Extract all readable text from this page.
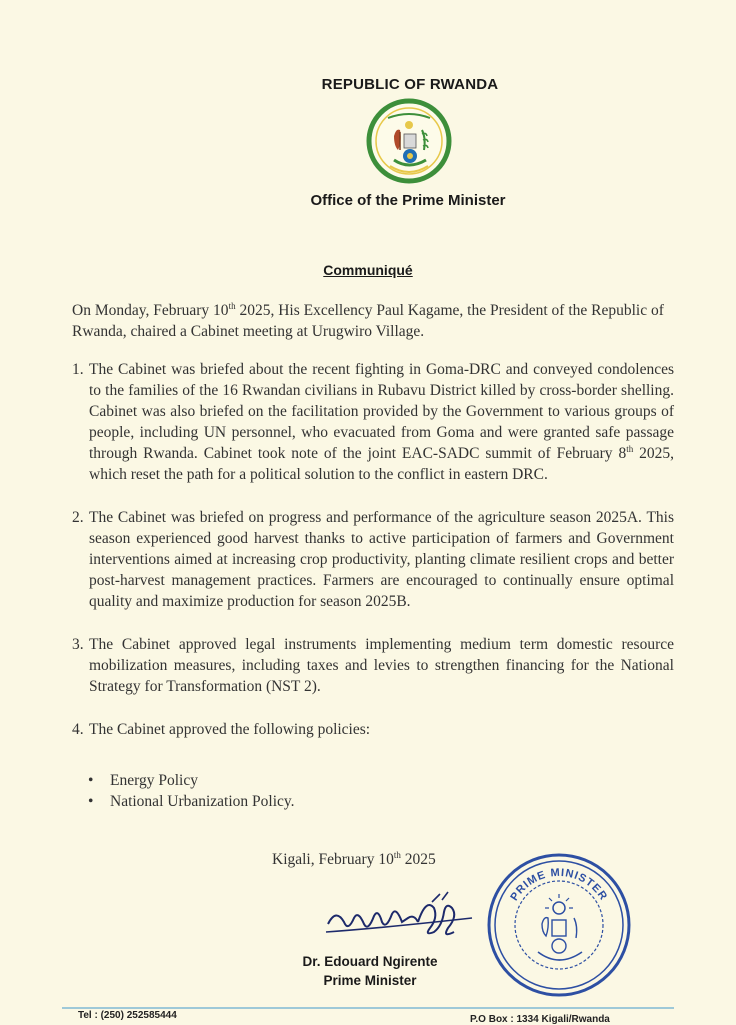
REPUBLIC OF RWANDA
Office of the Prime Minister
Communiqué
On Monday, February 10th 2025, His Excellency Paul Kagame, the President of the Republic of Rwanda, chaired a Cabinet meeting at Urugwiro Village.
1. The Cabinet was briefed about the recent fighting in Goma-DRC and conveyed condolences to the families of the 16 Rwandan civilians in Rubavu District killed by cross-border shelling. Cabinet was also briefed on the facilitation provided by the Government to various groups of people, including UN personnel, who evacuated from Goma and were granted safe passage through Rwanda. Cabinet took note of the joint EAC-SADC summit of February 8th 2025, which reset the path for a political solution to the conflict in eastern DRC.
2. The Cabinet was briefed on progress and performance of the agriculture season 2025A. This season experienced good harvest thanks to active participation of farmers and Government interventions aimed at increasing crop productivity, planting climate resilient crops and better post-harvest management practices. Farmers are encouraged to continually ensure optimal quality and maximize production for season 2025B.
3. The Cabinet approved legal instruments implementing medium term domestic resource mobilization measures, including taxes and levies to strengthen financing for the National Strategy for Transformation (NST 2).
4. The Cabinet approved the following policies:
• Energy Policy
• National Urbanization Policy.
Kigali, February 10th 2025
PRIME MINISTER
Dr. Edouard Ngirente
Prime Minister
Tel : (250) 252585444	P.O Box : 1334 Kigali/Rwanda
